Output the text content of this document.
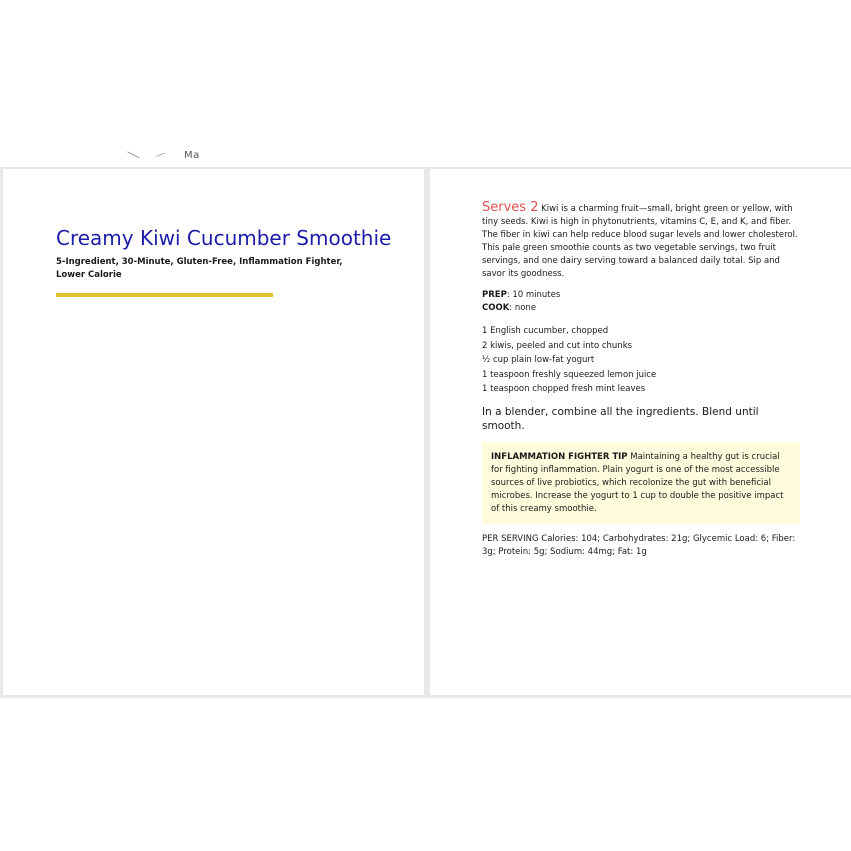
╲ ⁄ Ma
Creamy Kiwi Cucumber Smoothie
5-Ingredient, 30-Minute, Gluten-Free, Inflammation Fighter, Lower Calorie

Serves 2 Kiwi is a charming fruit—small, bright green or yellow, with tiny seeds. Kiwi is high in phytonutrients, vitamins C, E, and K, and fiber. The fiber in kiwi can help reduce blood sugar levels and lower cholesterol. This pale green smoothie counts as two vegetable servings, two fruit servings, and one dairy serving toward a balanced daily total. Sip and savor its goodness.

PREP: 10 minutes

COOK: none

1 English cucumber, chopped
2 kiwis, peeled and cut into chunks
½ cup plain low-fat yogurt
1 teaspoon freshly squeezed lemon juice
1 teaspoon chopped fresh mint leaves

In a blender, combine all the ingredients. Blend until smooth.

INFLAMMATION FIGHTER TIP Maintaining a healthy gut is crucial for fighting inflammation. Plain yogurt is one of the most accessible sources of live probiotics, which recolonize the gut with beneficial microbes. Increase the yogurt to 1 cup to double the positive impact of this creamy smoothie.

PER SERVING Calories: 104; Carbohydrates: 21g; Glycemic Load: 6; Fiber: 3g; Protein: 5g; Sodium: 44mg; Fat: 1g
